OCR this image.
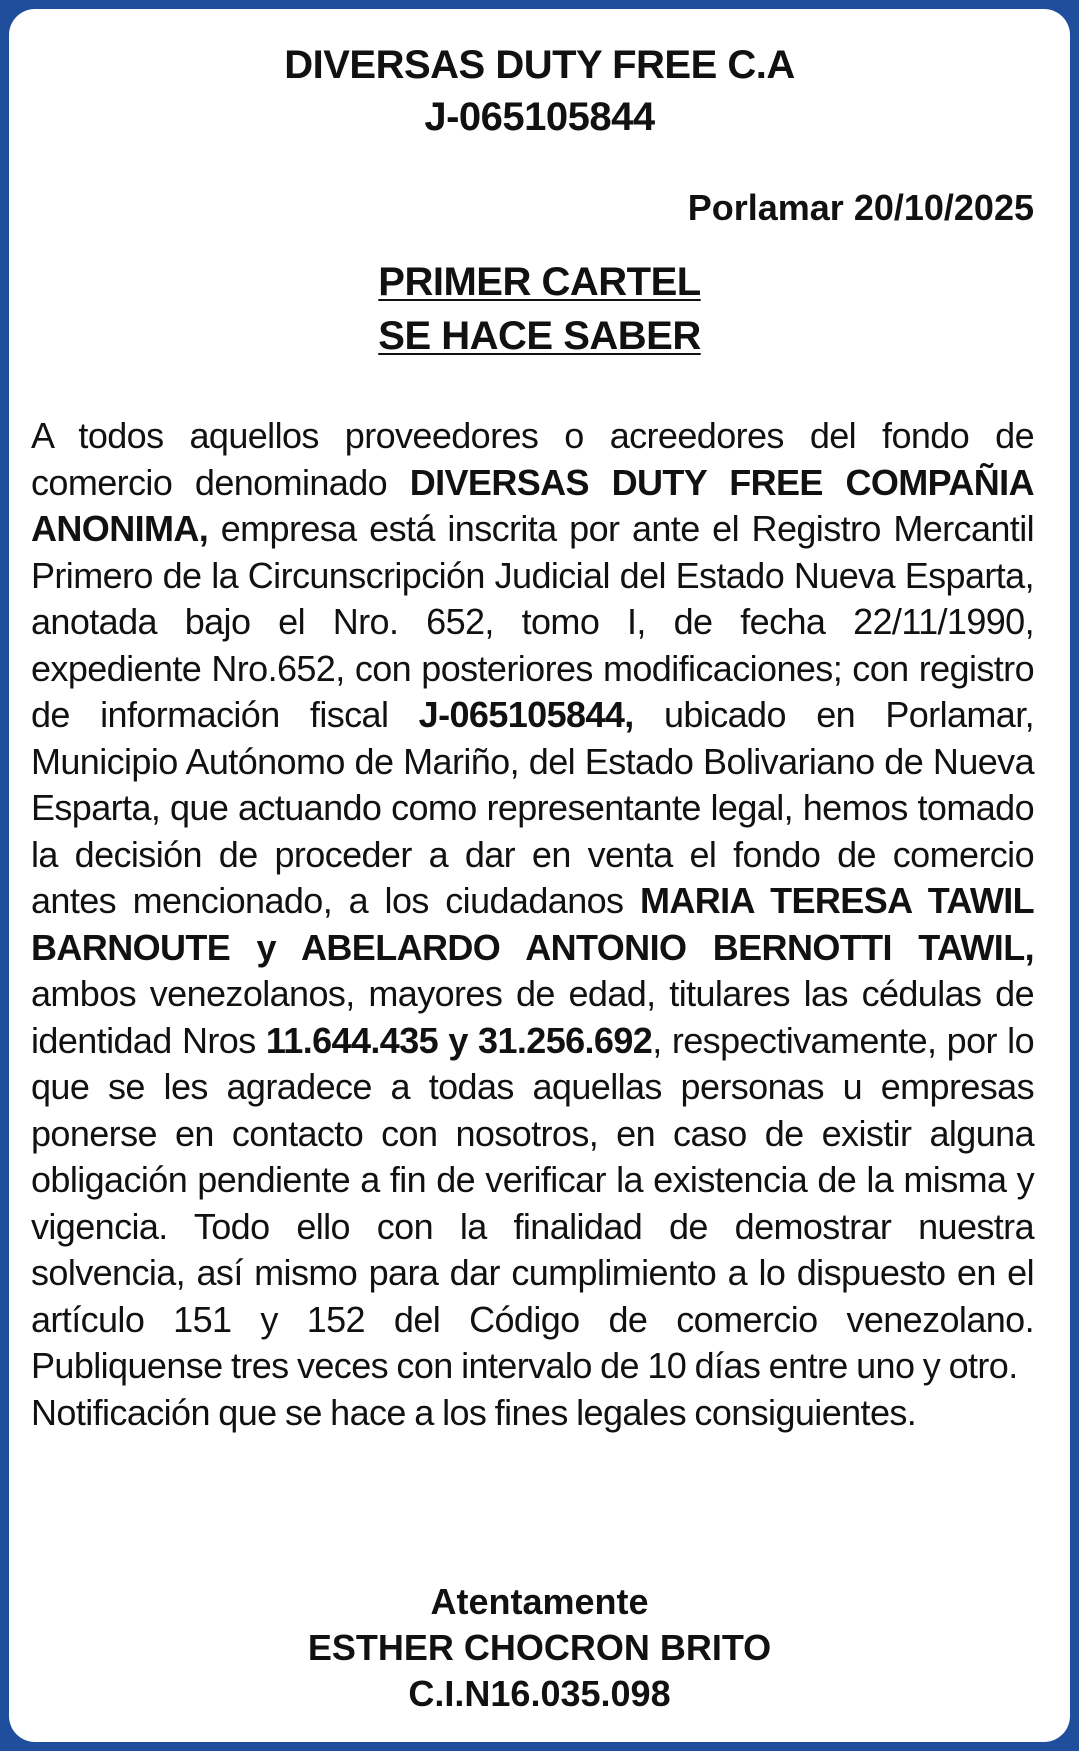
DIVERSAS DUTY FREE C.A
J-065105844
Porlamar 20/10/2025
PRIMER CARTEL
SE HACE SABER

A todos aquellos proveedores o acreedores del fondo de comercio denominado DIVERSAS DUTY FREE COMPAÑIA ANONIMA, empresa está inscrita por ante el Registro Mercantil Primero de la Circunscripción Judicial del Estado Nueva Esparta, anotada bajo el Nro. 652, tomo I, de fecha 22/11/1990, expediente Nro.652, con posteriores modificaciones; con registro de información fiscal J-065105844, ubicado en Porlamar, Municipio Autónomo de Mariño, del Estado Bolivariano de Nueva Esparta, que actuando como representante legal, hemos tomado la decisión de proceder a dar en venta el fondo de comercio antes mencionado, a los ciudadanos MARIA TERESA TAWIL BARNOUTE y ABELARDO ANTONIO BERNOTTI TAWIL, ambos venezolanos, mayores de edad, titulares las cédulas de identidad Nros 11.644.435 y 31.256.692, respectivamente, por lo que se les agradece a todas aquellas personas u empresas ponerse en contacto con nosotros, en caso de existir alguna obligación pendiente a fin de verificar la existencia de la misma y vigencia. Todo ello con la finalidad de demostrar nuestra solvencia, así mismo para dar cumplimiento a lo dispuesto en el artículo 151 y 152 del Código de comercio venezolano. Publiquense tres veces con intervalo de 10 días entre uno y otro.

Notificación que se hace a los fines legales consiguientes.

Atentamente
ESTHER CHOCRON BRITO
C.I.N16.035.098
